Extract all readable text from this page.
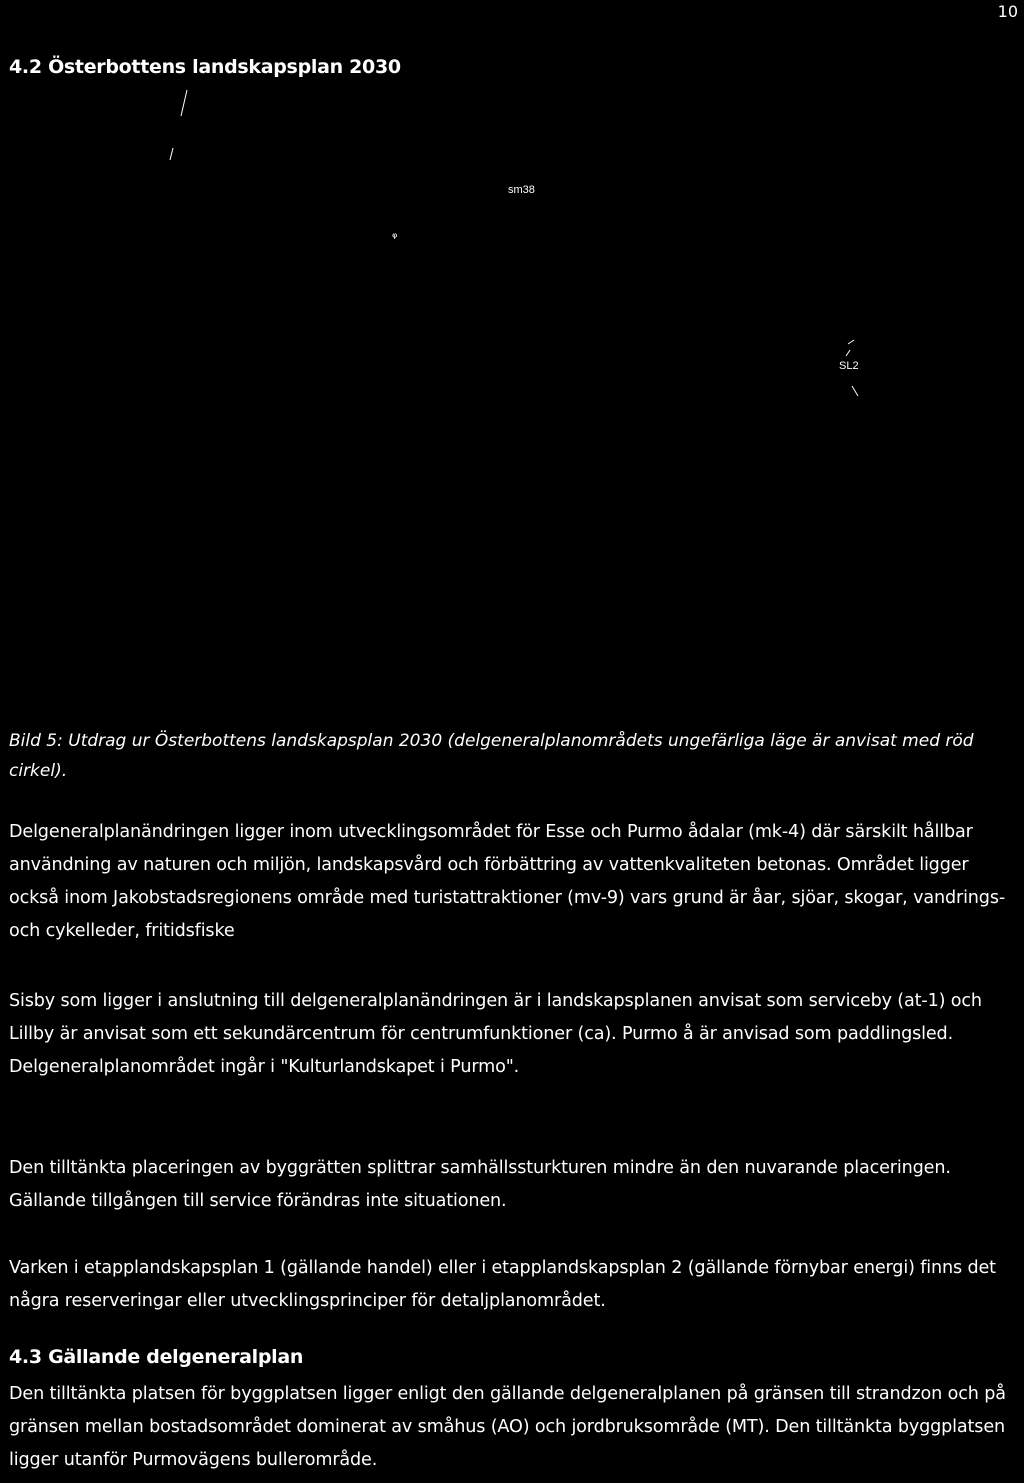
10
4.2 Österbottens landskapsplan 2030
ᵠ
sm38
SL2

Bild 5: Utdrag ur Österbottens landskapsplan 2030 (delgeneralplanområdets ungefärliga läge är anvisat med röd cirkel).

Delgeneralplanändringen ligger inom utvecklingsområdet för Esse och Purmo ådalar (mk-4) där särskilt hållbar användning av naturen och miljön, landskapsvård och förbättring av vattenkvaliteten betonas. Området ligger också inom Jakobstadsregionens område med turistattraktioner (mv-9) vars grund är åar, sjöar, skogar, vandrings- och cykelleder, fritidsfiske

Sisby som ligger i anslutning till delgeneralplanändringen är i landskapsplanen anvisat som serviceby (at-1) och Lillby är anvisat som ett sekundärcentrum för centrumfunktioner (ca). Purmo å är anvisad som paddlingsled. Delgeneralplanområdet ingår i "Kulturlandskapet i Purmo".

Den tilltänkta placeringen av byggrätten splittrar samhällssturkturen mindre än den nuvarande placeringen. Gällande tillgången till service förändras inte situationen.

Varken i etapplandskapsplan 1 (gällande handel) eller i etapplandskapsplan 2 (gällande förnybar energi) finns det några reserveringar eller utvecklingsprinciper för detaljplanområdet.

4.3 Gällande delgeneralplan

Den tilltänkta platsen för byggplatsen ligger enligt den gällande delgeneralplanen på gränsen till strandzon och på gränsen mellan bostadsområdet dominerat av småhus (AO) och jordbruksområde (MT). Den tilltänkta byggplatsen ligger utanför Purmovägens bullerområde.
